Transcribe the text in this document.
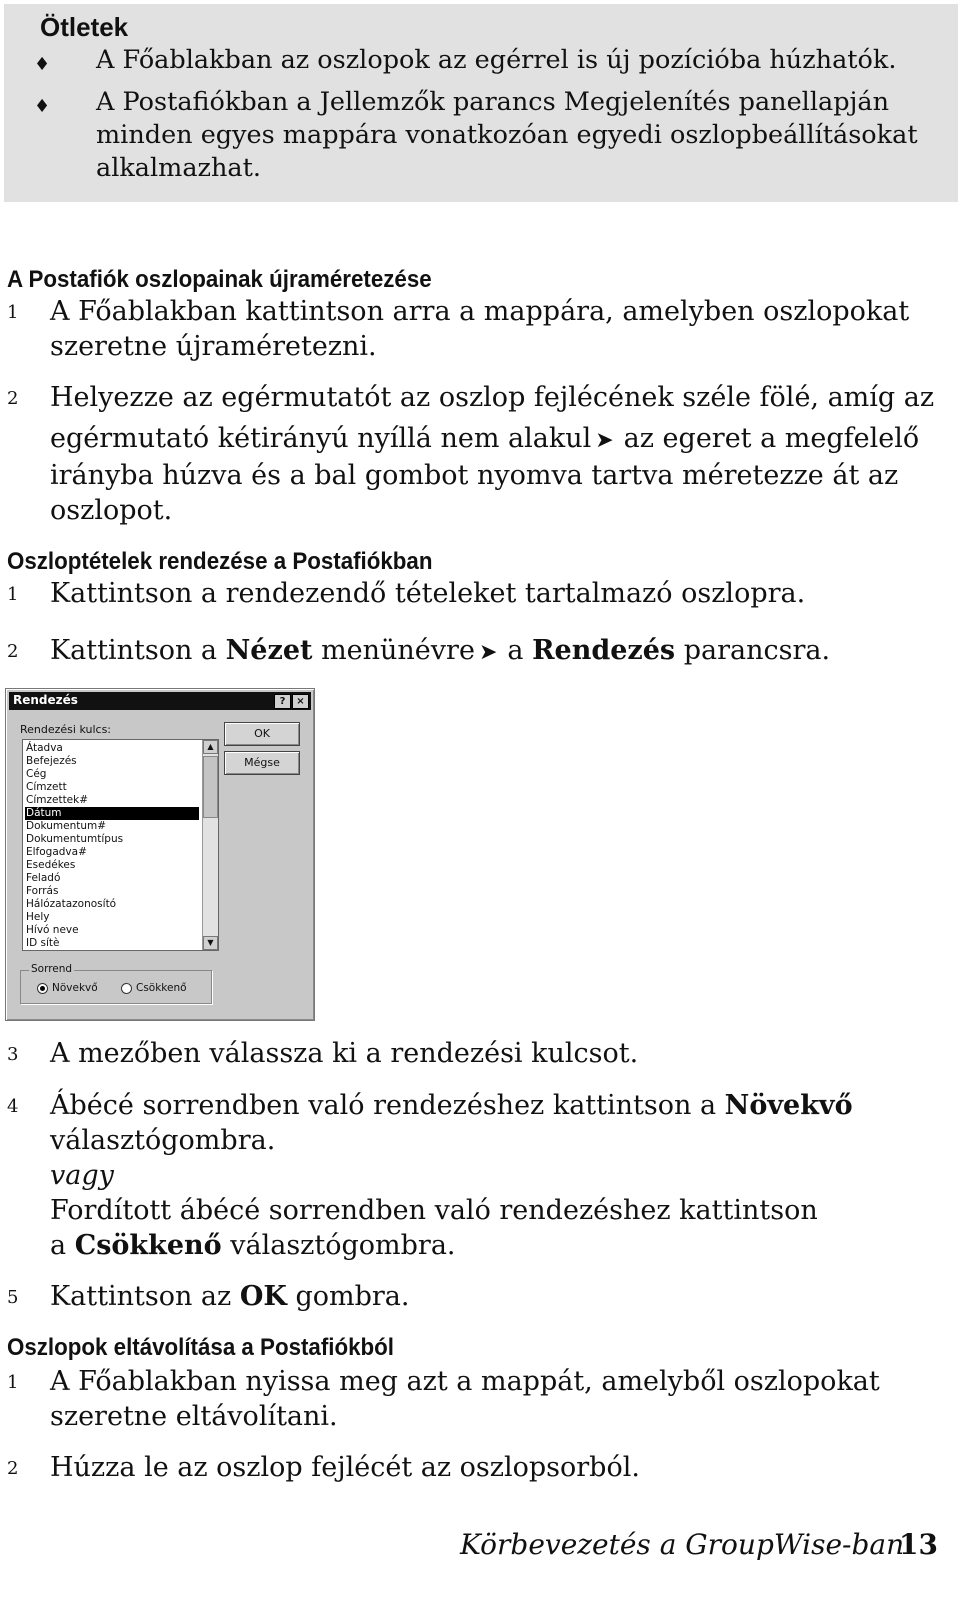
Ötletek
♦ A Főablakban az oszlopok az egérrel is új pozícióba húzhatók.
♦ A Postafiókban a Jellemzők parancs Megjelenítés panellapján
minden egyes mappára vonatkozóan egyedi oszlopbeállításokat
alkalmazhat.
A Postafiók oszlopainak újraméretezése
1 A Főablakban kattintson arra a mappára, amelyben oszlopokat
szeretne újraméretezni.
2 Helyezze az egérmutatót az oszlop fejlécének széle fölé, amíg az
egérmutató kétirányú nyíllá nem alakul ➤ az egeret a megfelelő
irányba húzva és a bal gombot nyomva tartva méretezze át az
oszlopot.
Oszloptételek rendezése a Postafiókban
1 Kattintson a rendezendő tételeket tartalmazó oszlopra.
2 Kattintson a Nézet menünévre ➤ a Rendezés parancsra.
Rendezés	?	×
Rendezési kulcs:
Átadva
Befejezés
Cég
Címzett
Címzettek#
Dátum
Dokumentum#
Dokumentumtípus
Elfogadva#
Esedékes
Feladó
Forrás
Hálózatazonosító
Hely
Hívó neve
ID sítè
▲
▼
OK
Mégse
Sorrend
Növekvő	Csökkenő
3 A mezőben válassza ki a rendezési kulcsot.
4 Ábécé sorrendben való rendezéshez kattintson a Növekvő
választógombra.
vagy
Fordított ábécé sorrendben való rendezéshez kattintson
a Csökkenő választógombra.
5 Kattintson az OK gombra.
Oszlopok eltávolítása a Postafiókból
1 A Főablakban nyissa meg azt a mappát, amelyből oszlopokat
szeretne eltávolítani.
2 Húzza le az oszlop fejlécét az oszlopsorból.
Körbevezetés a GroupWise-ban
13
